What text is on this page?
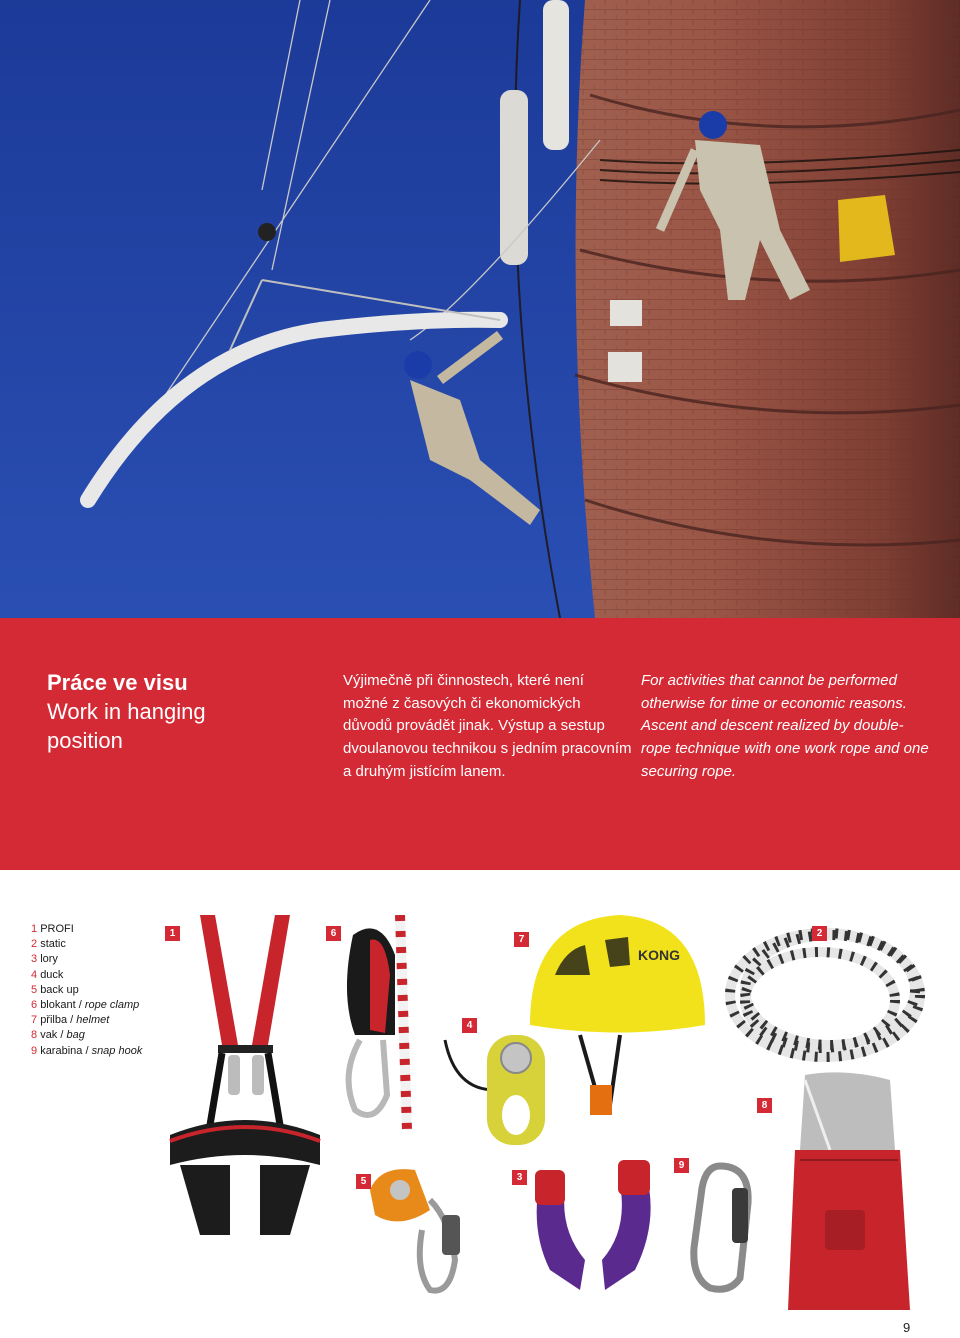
Práce ve visu
Work in hanging
position
Výjimečně při činnostech, které není možné z časových či ekonomických důvodů provádět jinak. Výstup a sestup dvoulanovou technikou s jedním pracovním a druhým jistícím lanem.
For activities that cannot be performed otherwise for time or economic reasons. Ascent and descent realized by double-rope technique with one work rope and one securing rope.
1 PROFI
2 static
3 lory
4 duck
5 back up
6 blokant / rope clamp
7 přilba / helmet
8 vak / bag
9 karabina / snap hook
1	6
4
KONG
7
2
8
5	3
9
9
